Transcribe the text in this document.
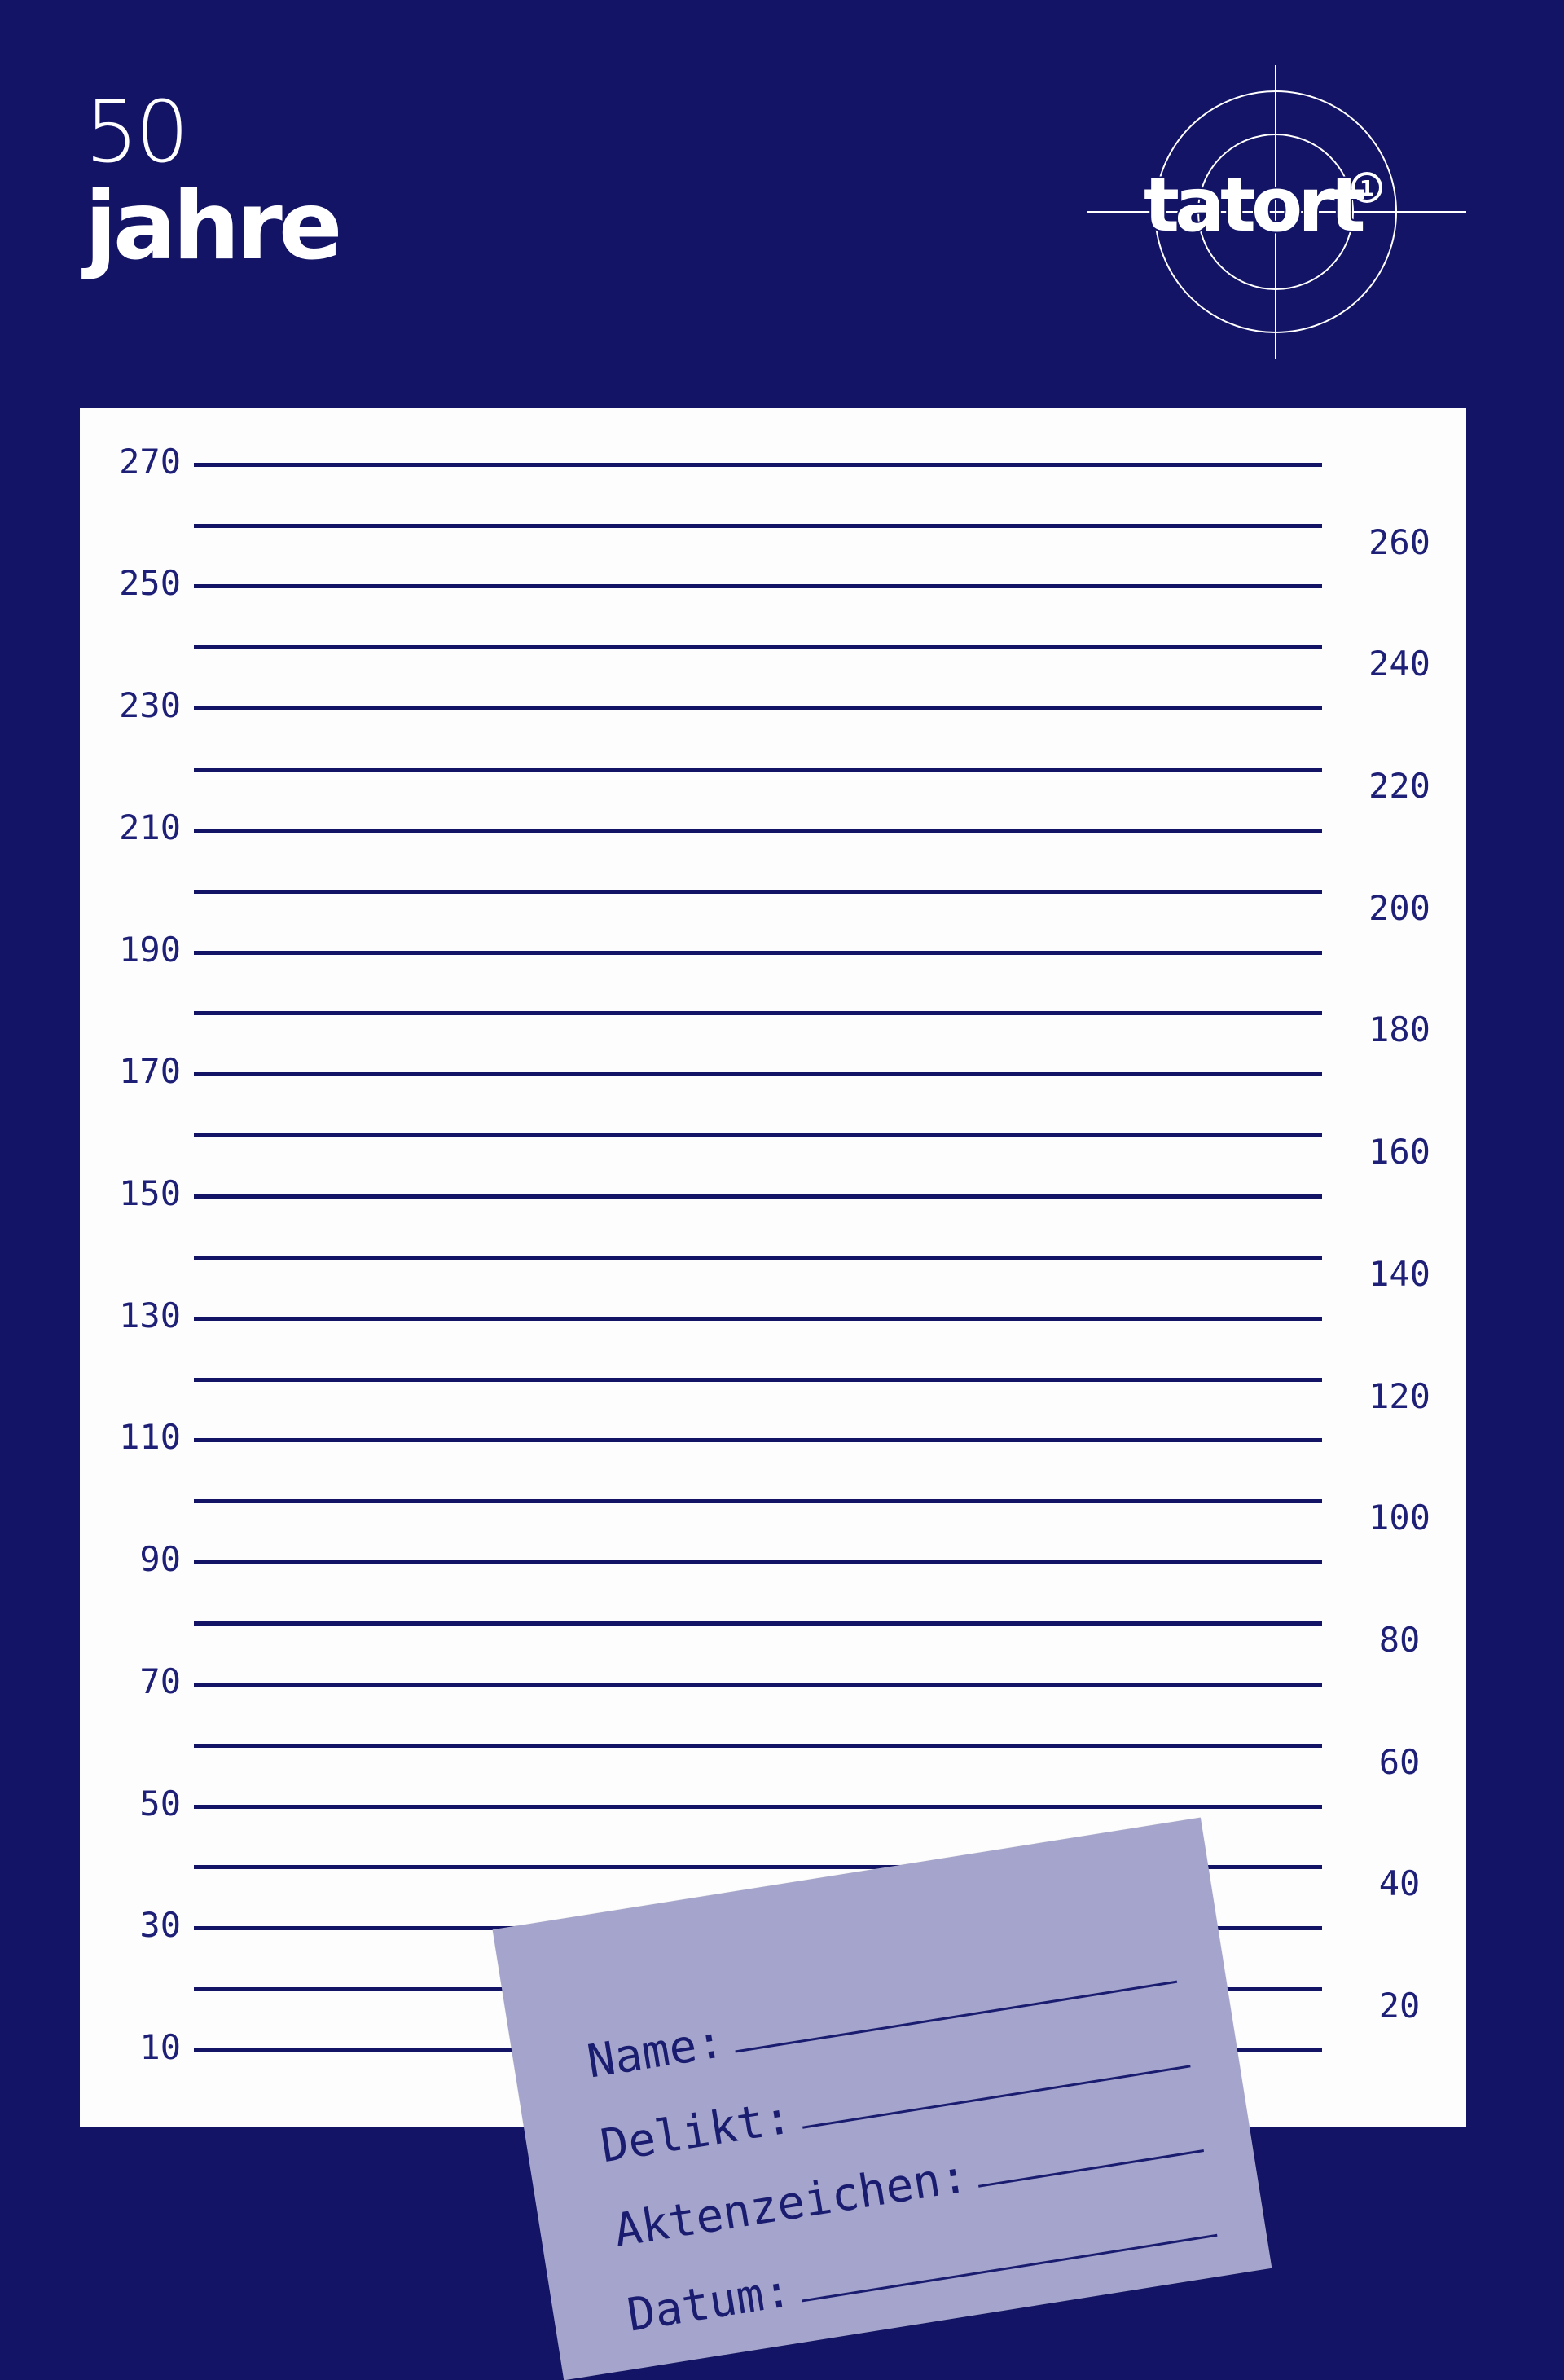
50
jahre	tatort
1
270
250
230
210
190
170
150
130
110
90
70
50
30
10
260
240
220
200
180
160
140
120
100
80
60
40
20
Name:
Delikt:
Aktenzeichen:
Datum:
